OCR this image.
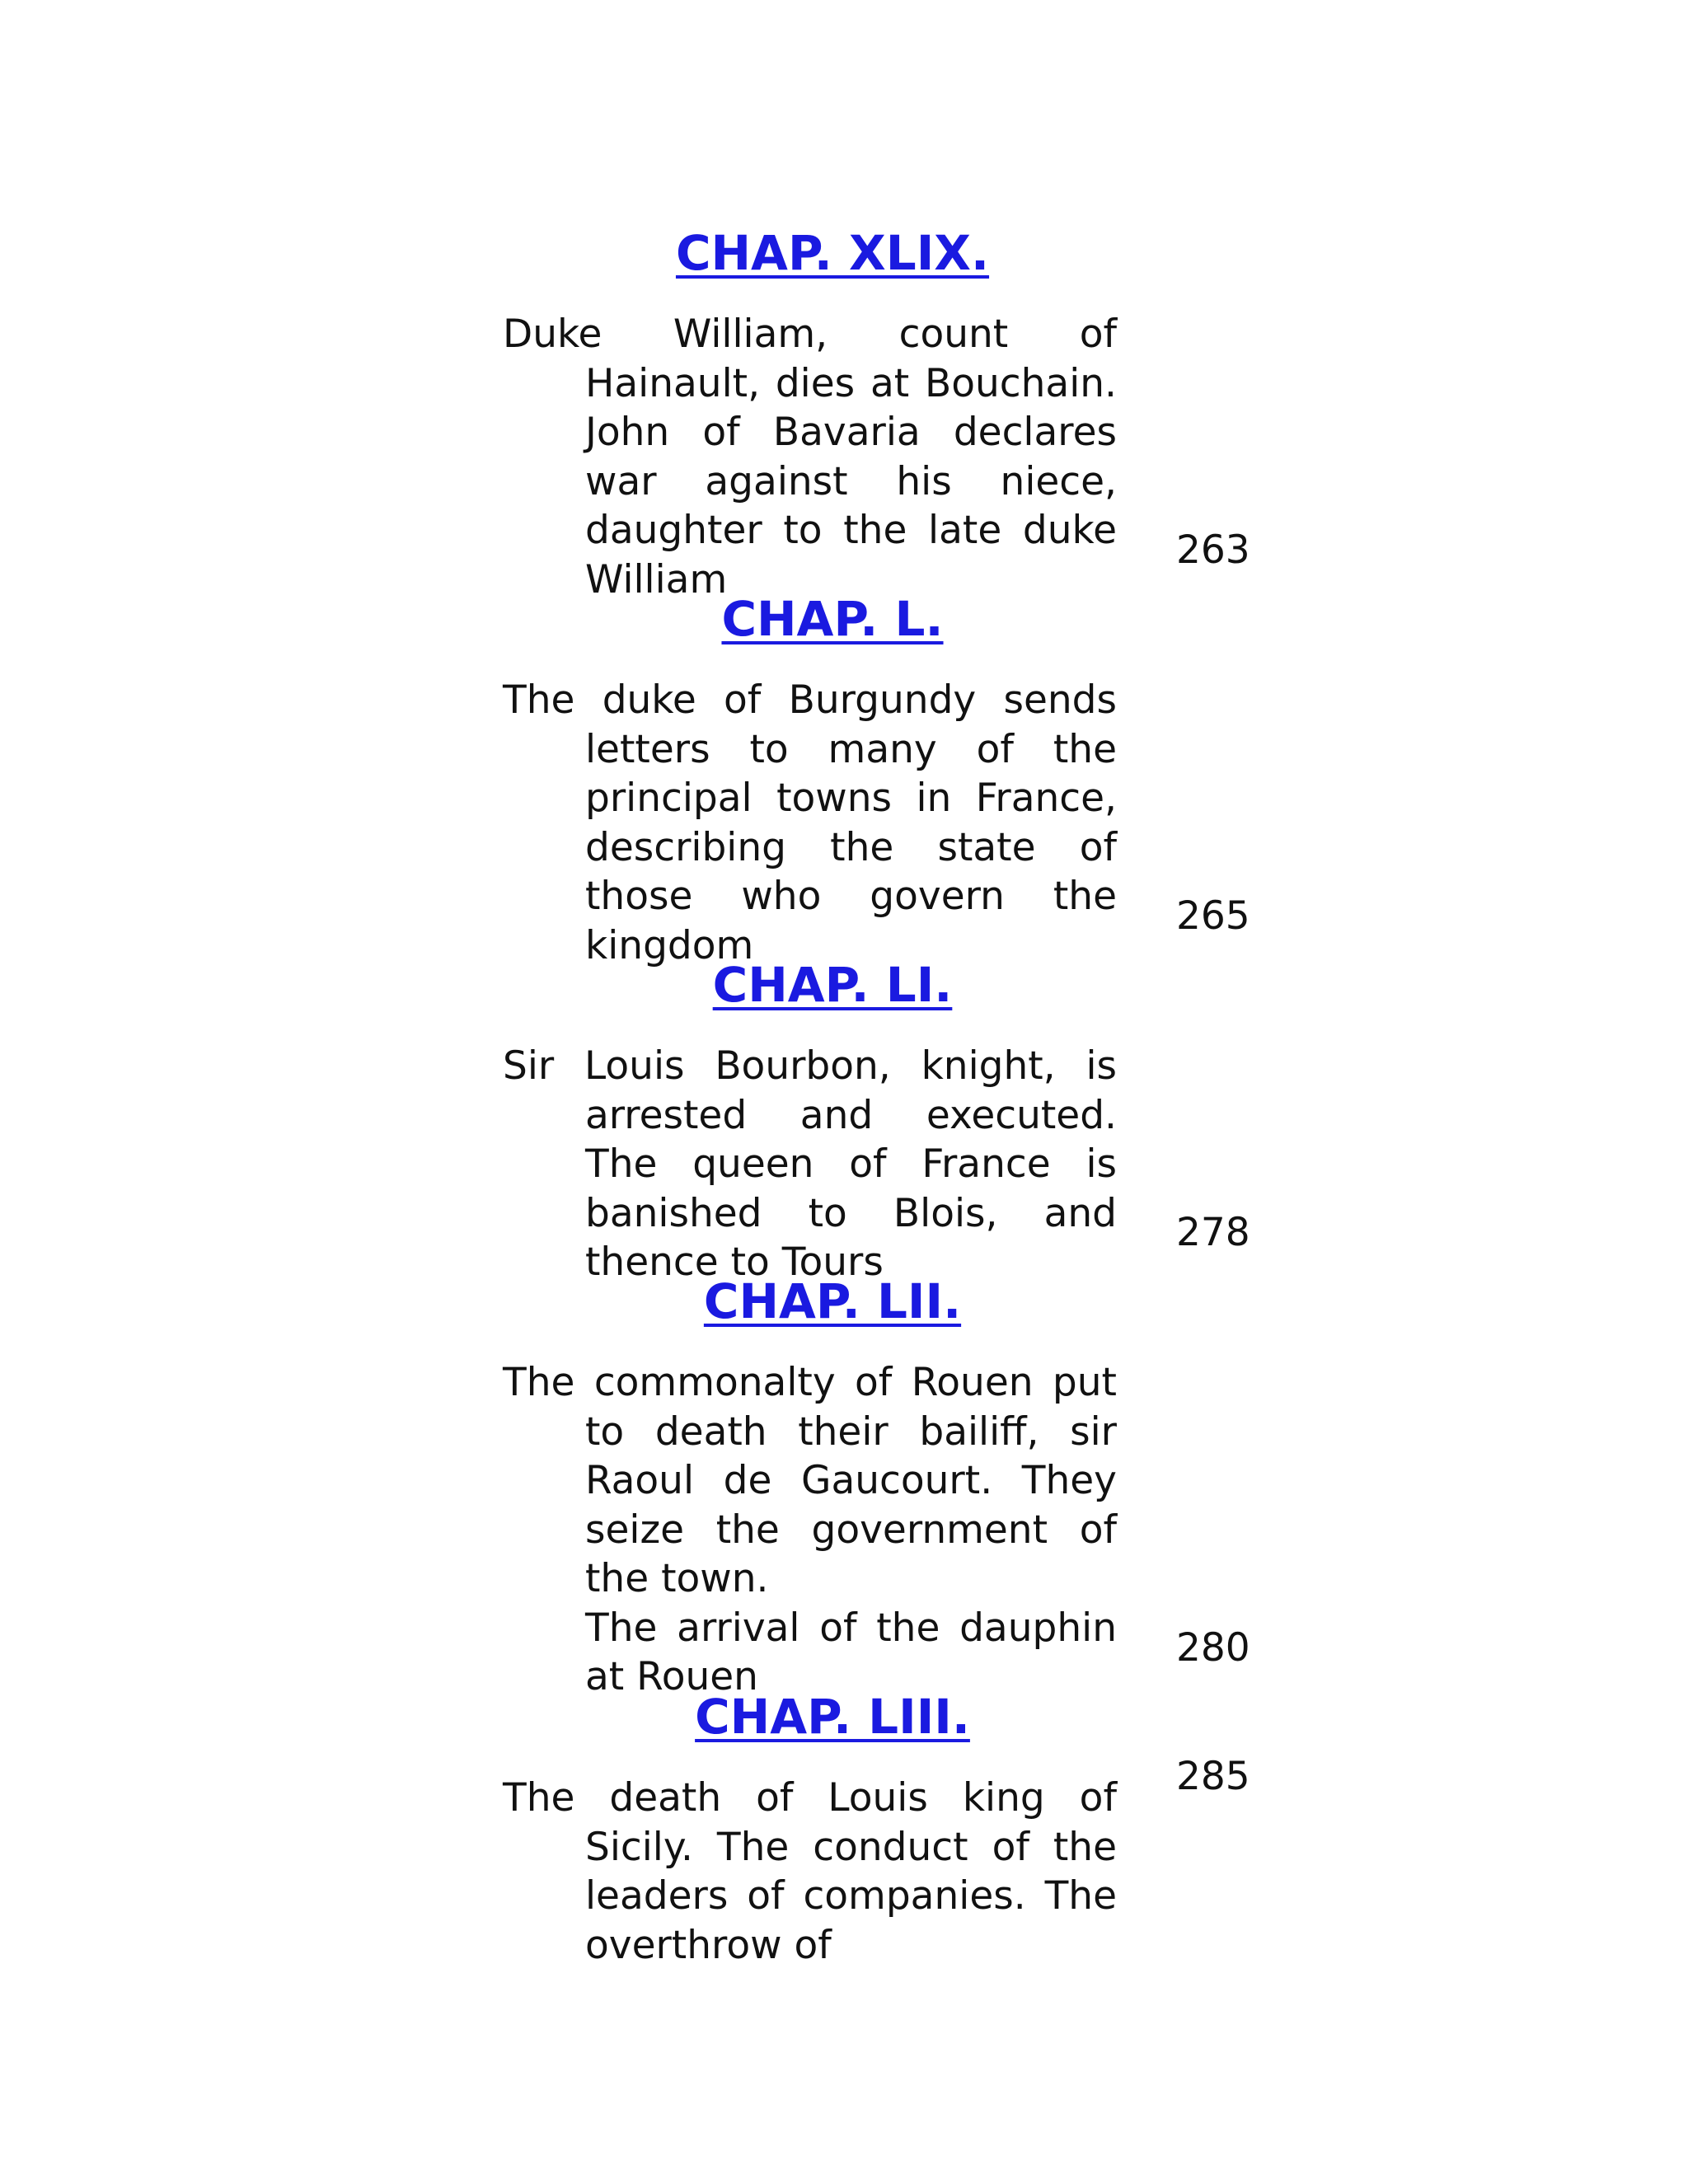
CHAP. XLIX.

Duke William, count of Hainault, dies at Bouchain. John of Bavaria declares war against his niece, daughter to the late duke William

263

CHAP. L.

The duke of Burgundy sends letters to many of the principal towns in France, describing the state of those who govern the kingdom

265

CHAP. LI.

Sir Louis Bourbon, knight, is arrested and executed. The queen of France is banished to Blois, and thence to Tours

278

CHAP. LII.
The commonalty of Rouen put to death their bailiff, sir Raoul de Gaucourt. They seize the government of the town.
The arrival of the dauphin at Rouen

280

CHAP. LIII.

285

The death of Louis king of Sicily. The conduct of the leaders of companies. The overthrow of
